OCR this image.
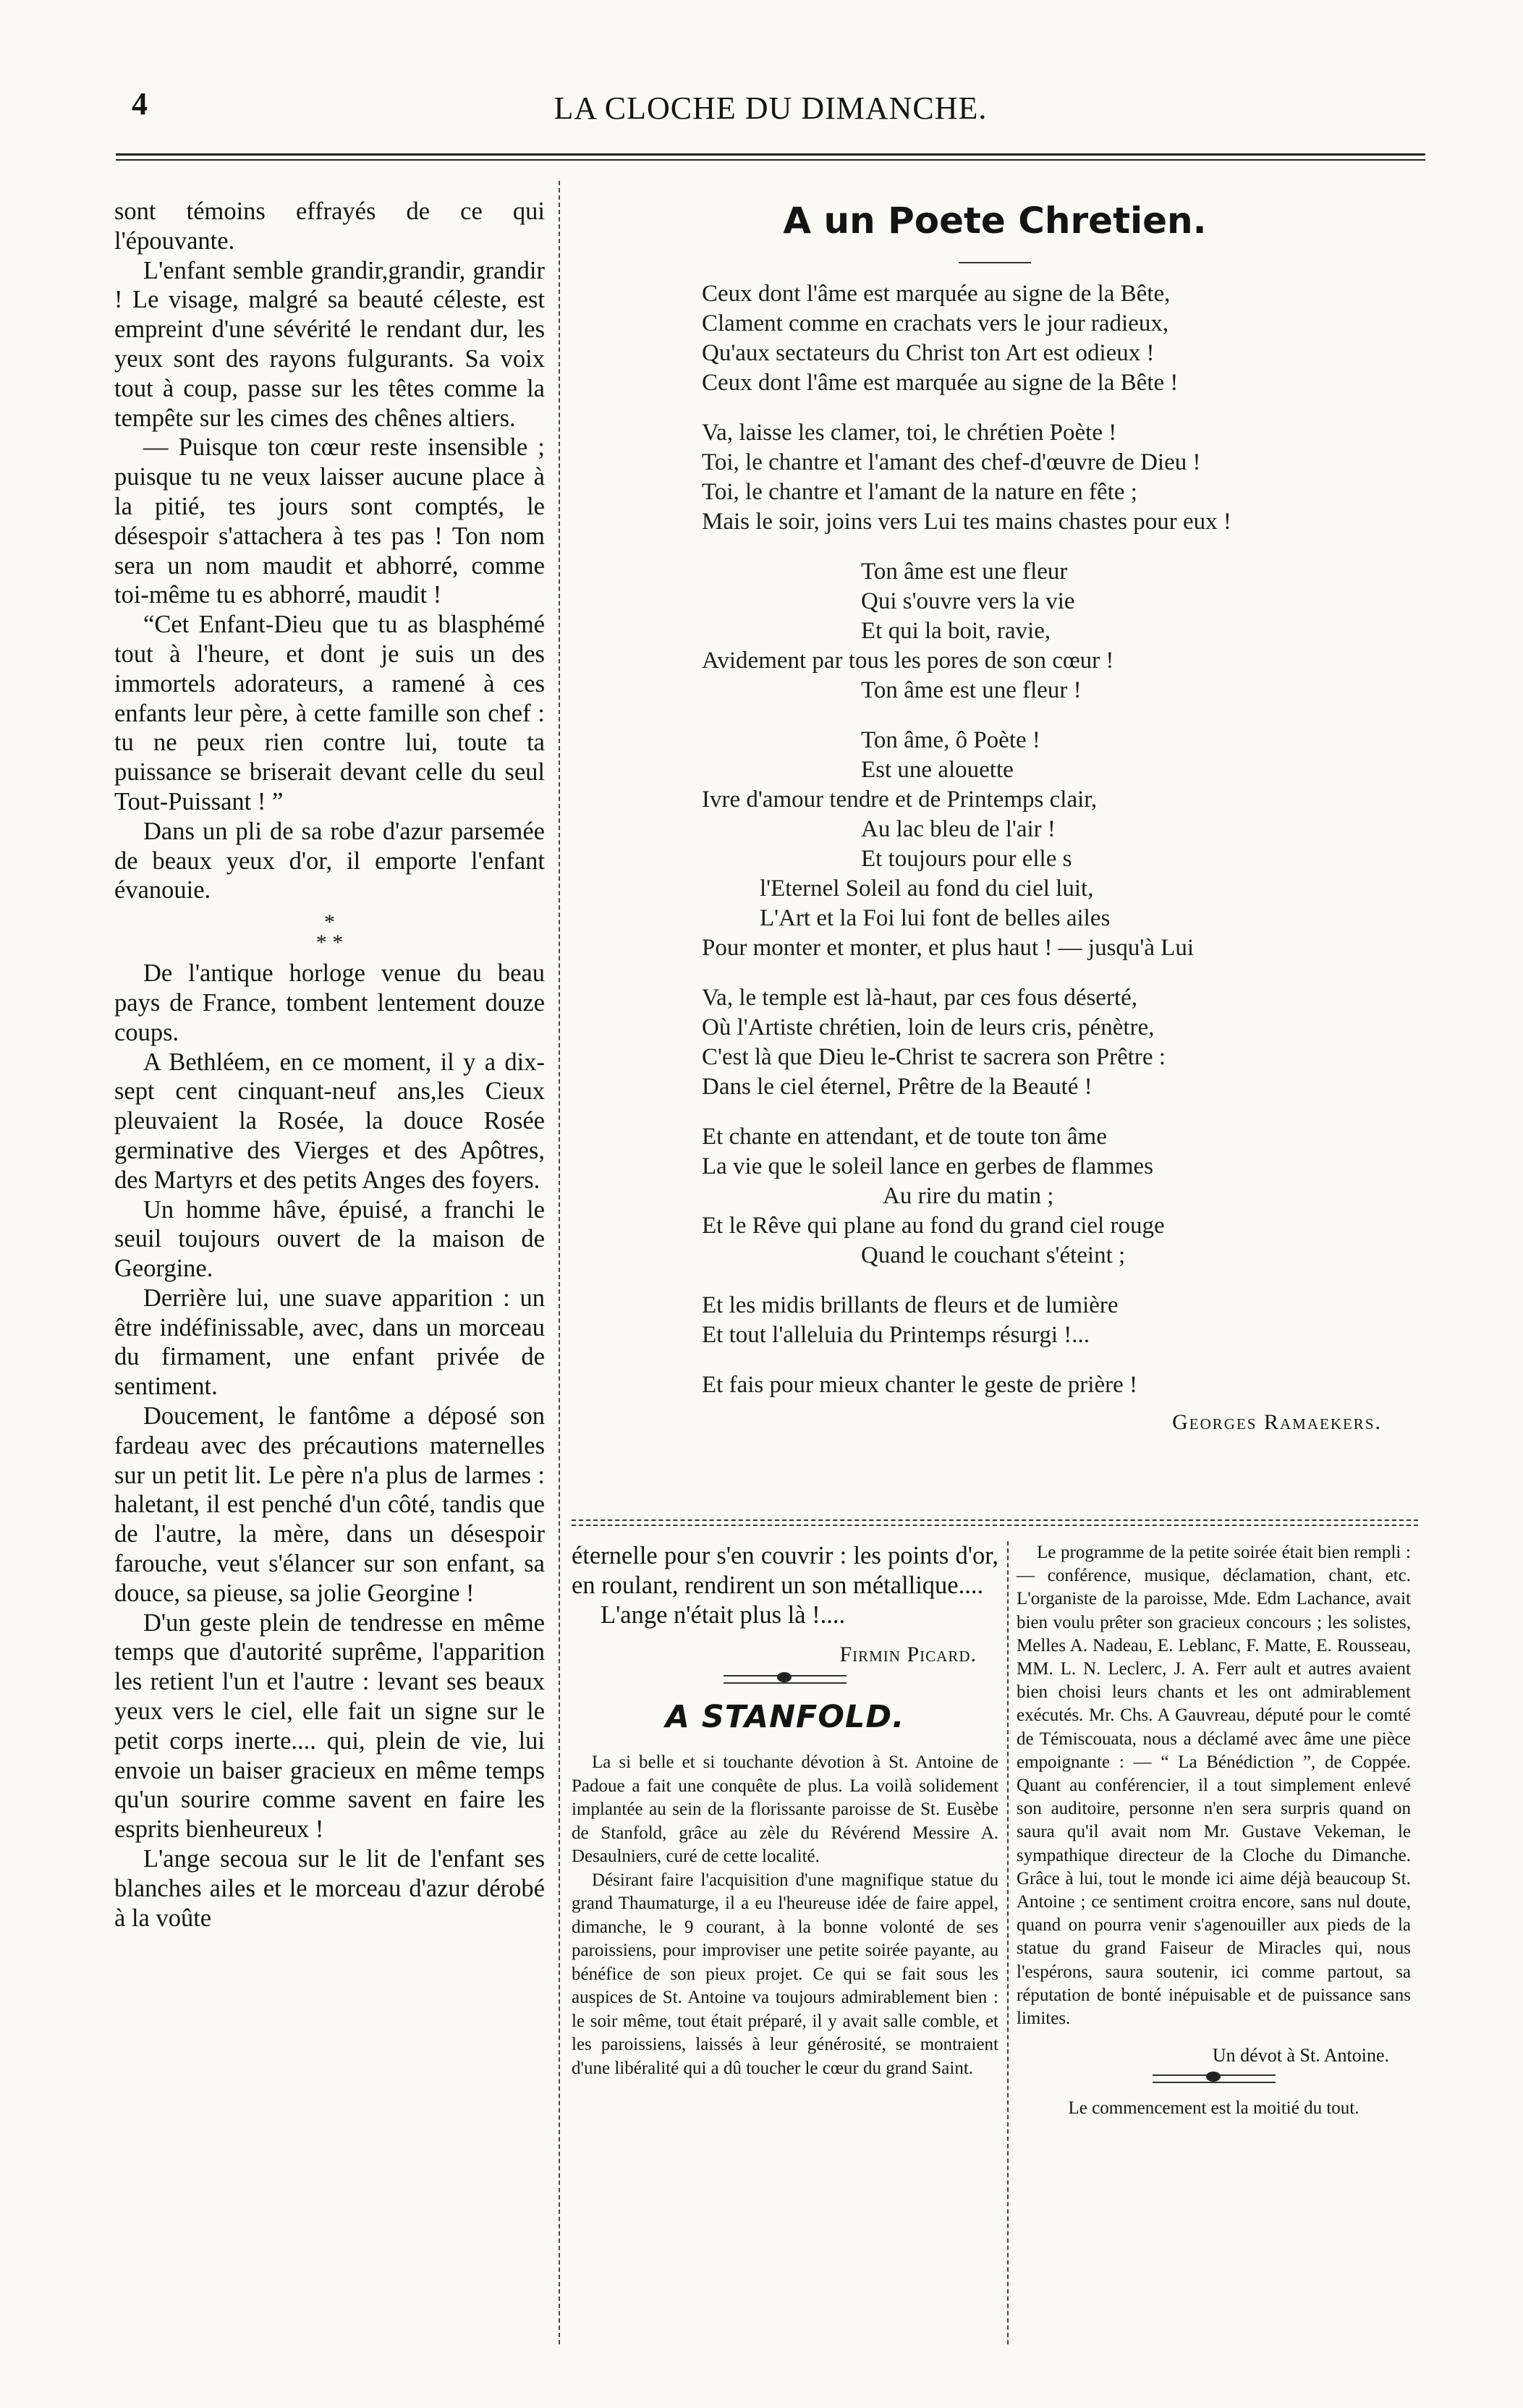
4	LA CLOCHE DU DIMANCHE.

sont témoins effrayés de ce qui l'épouvante.

L'enfant semble grandir,grandir, grandir ! Le visage, malgré sa beauté céleste, est empreint d'une sévérité le rendant dur, les yeux sont des rayons fulgurants. Sa voix tout à coup, passe sur les têtes comme la tempête sur les cimes des chênes altiers.

— Puisque ton cœur reste insensible ; puisque tu ne veux laisser aucune place à la pitié, tes jours sont comptés, le désespoir s'attachera à tes pas ! Ton nom sera un nom maudit et abhorré, comme toi-même tu es abhorré, maudit !

“Cet Enfant-Dieu que tu as blasphémé tout à l'heure, et dont je suis un des immortels adorateurs, a ramené à ces enfants leur père, à cette famille son chef : tu ne peux rien contre lui, toute ta puissance se briserait devant celle du seul Tout-Puissant ! ”

Dans un pli de sa robe d'azur parsemée de beaux yeux d'or, il emporte l'enfant évanouie.

*
* *

De l'antique horloge venue du beau pays de France, tombent lentement douze coups.

A Bethléem, en ce moment, il y a dix-sept cent cinquant-neuf ans,les Cieux pleuvaient la Rosée, la douce Rosée germinative des Vierges et des Apôtres, des Martyrs et des petits Anges des foyers.

Un homme hâve, épuisé, a franchi le seuil toujours ouvert de la maison de Georgine.

Derrière lui, une suave apparition : un être indéfinissable, avec, dans un morceau du firmament, une enfant privée de sentiment.

Doucement, le fantôme a déposé son fardeau avec des précautions maternelles sur un petit lit. Le père n'a plus de larmes : haletant, il est penché d'un côté, tandis que de l'autre, la mère, dans un désespoir farouche, veut s'élancer sur son enfant, sa douce, sa pieuse, sa jolie Georgine !

D'un geste plein de tendresse en même temps que d'autorité suprême, l'apparition les retient l'un et l'autre : levant ses beaux yeux vers le ciel, elle fait un signe sur le petit corps inerte.... qui, plein de vie, lui envoie un baiser gracieux en même temps qu'un sourire comme savent en faire les esprits bienheureux !

L'ange secoua sur le lit de l'enfant ses blanches ailes et le morceau d'azur dérobé à la voûte

A un Poete Chretien.
Ceux dont l'âme est marquée au signe de la Bête,
Clament comme en crachats vers le jour radieux,
Qu'aux sectateurs du Christ ton Art est odieux !
Ceux dont l'âme est marquée au signe de la Bête !
Va, laisse les clamer, toi, le chrétien Poète !
Toi, le chantre et l'amant des chef-d'œuvre de Dieu !
Toi, le chantre et l'amant de la nature en fête ;
Mais le soir, joins vers Lui tes mains chastes pour eux !
Ton âme est une fleur
Qui s'ouvre vers la vie
Et qui la boit, ravie,
Avidement par tous les pores de son cœur !
Ton âme est une fleur !
Ton âme, ô Poète !
Est une alouette
Ivre d'amour tendre et de Printemps clair,
Au lac bleu de l'air !
Et toujours pour elle s
l'Eternel Soleil au fond du ciel luit,
L'Art et la Foi lui font de belles ailes
Pour monter et monter, et plus haut ! — jusqu'à Lui
Va, le temple est là-haut, par ces fous déserté,
Où l'Artiste chrétien, loin de leurs cris, pénètre,
C'est là que Dieu le-Christ te sacrera son Prêtre :
Dans le ciel éternel, Prêtre de la Beauté !
Et chante en attendant, et de toute ton âme
La vie que le soleil lance en gerbes de flammes
Au rire du matin ;
Et le Rêve qui plane au fond du grand ciel rouge
Quand le couchant s'éteint ;
Et les midis brillants de fleurs et de lumière
Et tout l'alleluia du Printemps résurgi !...
Et fais pour mieux chanter le geste de prière !
Georges Ramaekers.

éternelle pour s'en couvrir : les points d'or, en roulant, rendirent un son métallique....

L'ange n'était plus là !....

Firmin Picard.
A STANFOLD.

La si belle et si touchante dévotion à St. Antoine de Padoue a fait une conquête de plus. La voilà solidement implantée au sein de la florissante paroisse de St. Eusèbe de Stanfold, grâce au zèle du Révérend Messire A. Desaulniers, curé de cette localité.

Désirant faire l'acquisition d'une magnifique statue du grand Thaumaturge, il a eu l'heureuse idée de faire appel, dimanche, le 9 courant, à la bonne volonté de ses paroissiens, pour improviser une petite soirée payante, au bénéfice de son pieux projet. Ce qui se fait sous les auspices de St. Antoine va toujours admirablement bien : le soir même, tout était préparé, il y avait salle comble, et les paroissiens, laissés à leur générosité, se montraient d'une libéralité qui a dû toucher le cœur du grand Saint.

Le programme de la petite soirée était bien rempli : — conférence, musique, déclamation, chant, etc. L'organiste de la paroisse, Mde. Edm Lachance, avait bien voulu prêter son gracieux concours ; les solistes, Melles A. Nadeau, E. Leblanc, F. Matte, E. Rousseau, MM. L. N. Leclerc, J. A. Ferr ault et autres avaient bien choisi leurs chants et les ont admirablement exécutés. Mr. Chs. A Gauvreau, député pour le comté de Témiscouata, nous a déclamé avec âme une pièce empoignante : — “ La Bénédiction ”, de Coppée. Quant au conférencier, il a tout simplement enlevé son auditoire, personne n'en sera surpris quand on saura qu'il avait nom Mr. Gustave Vekeman, le sympathique directeur de la Cloche du Dimanche. Grâce à lui, tout le monde ici aime déjà beaucoup St. Antoine ; ce sentiment croitra encore, sans nul doute, quand on pourra venir s'agenouiller aux pieds de la statue du grand Faiseur de Miracles qui, nous l'espérons, saura soutenir, ici comme partout, sa réputation de bonté inépuisable et de puissance sans limites.

Un dévot à St. Antoine.
Le commencement est la moitié du tout.
